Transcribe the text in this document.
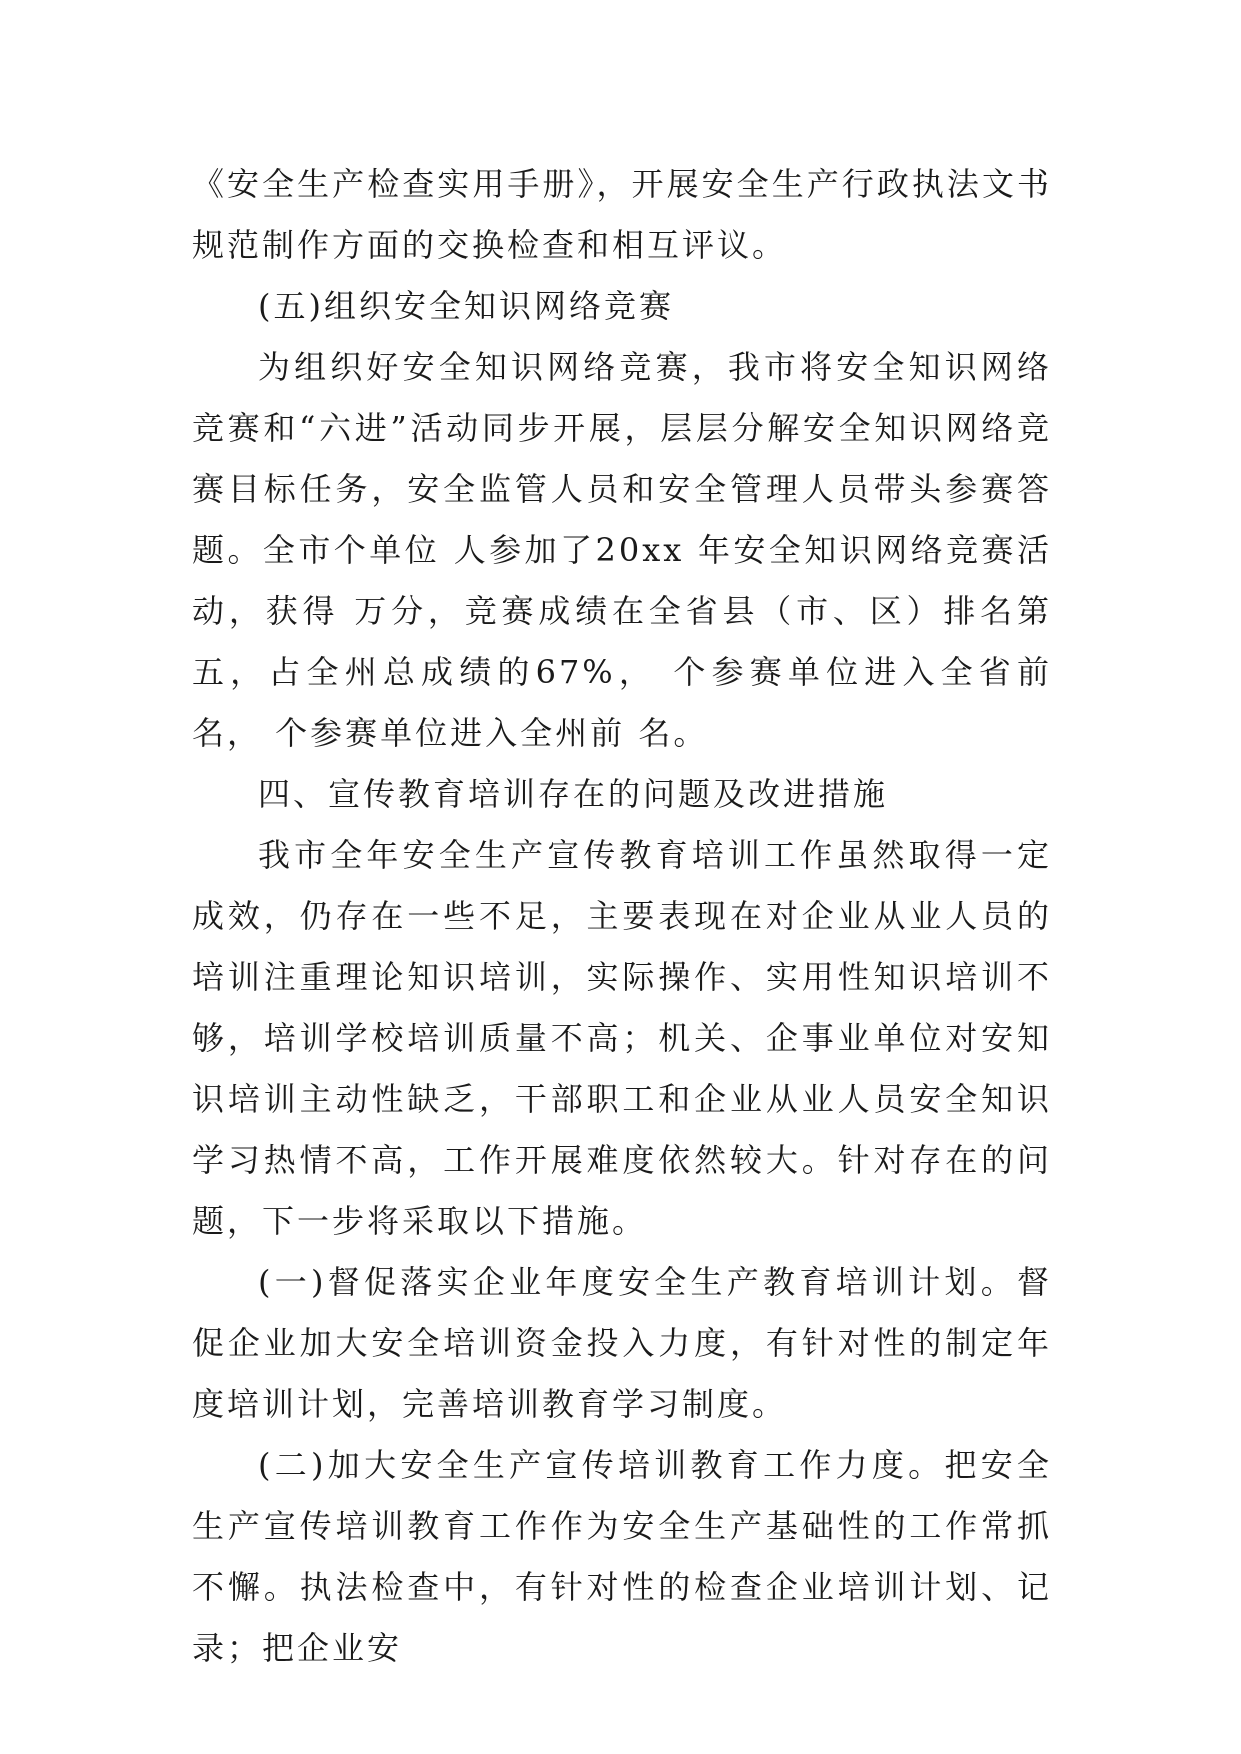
《安全生产检查实用手册》，开展安全生产行政执法文书规范制作方面的交换检查和相互评议。

(五)组织安全知识网络竞赛

为组织好安全知识网络竞赛，我市将安全知识网络竞赛和“六进”活动同步开展，层层分解安全知识网络竞赛目标任务，安全监管人员和安全管理人员带头参赛答题。全市个单位 人参加了20xx 年安全知识网络竞赛活动，获得 万分，竞赛成绩在全省县（市、区）排名第五，占全州总成绩的67%， 个参赛单位进入全省前 名， 个参赛单位进入全州前 名。

四、宣传教育培训存在的问题及改进措施

我市全年安全生产宣传教育培训工作虽然取得一定成效，仍存在一些不足，主要表现在对企业从业人员的培训注重理论知识培训，实际操作、实用性知识培训不够，培训学校培训质量不高；机关、企事业单位对安知识培训主动性缺乏，干部职工和企业从业人员安全知识学习热情不高，工作开展难度依然较大。针对存在的问题，下一步将采取以下措施。

(一)督促落实企业年度安全生产教育培训计划。督促企业加大安全培训资金投入力度，有针对性的制定年度培训计划，完善培训教育学习制度。

(二)加大安全生产宣传培训教育工作力度。把安全生产宣传培训教育工作作为安全生产基础性的工作常抓不懈。执法检查中，有针对性的检查企业培训计划、记录；把企业安
